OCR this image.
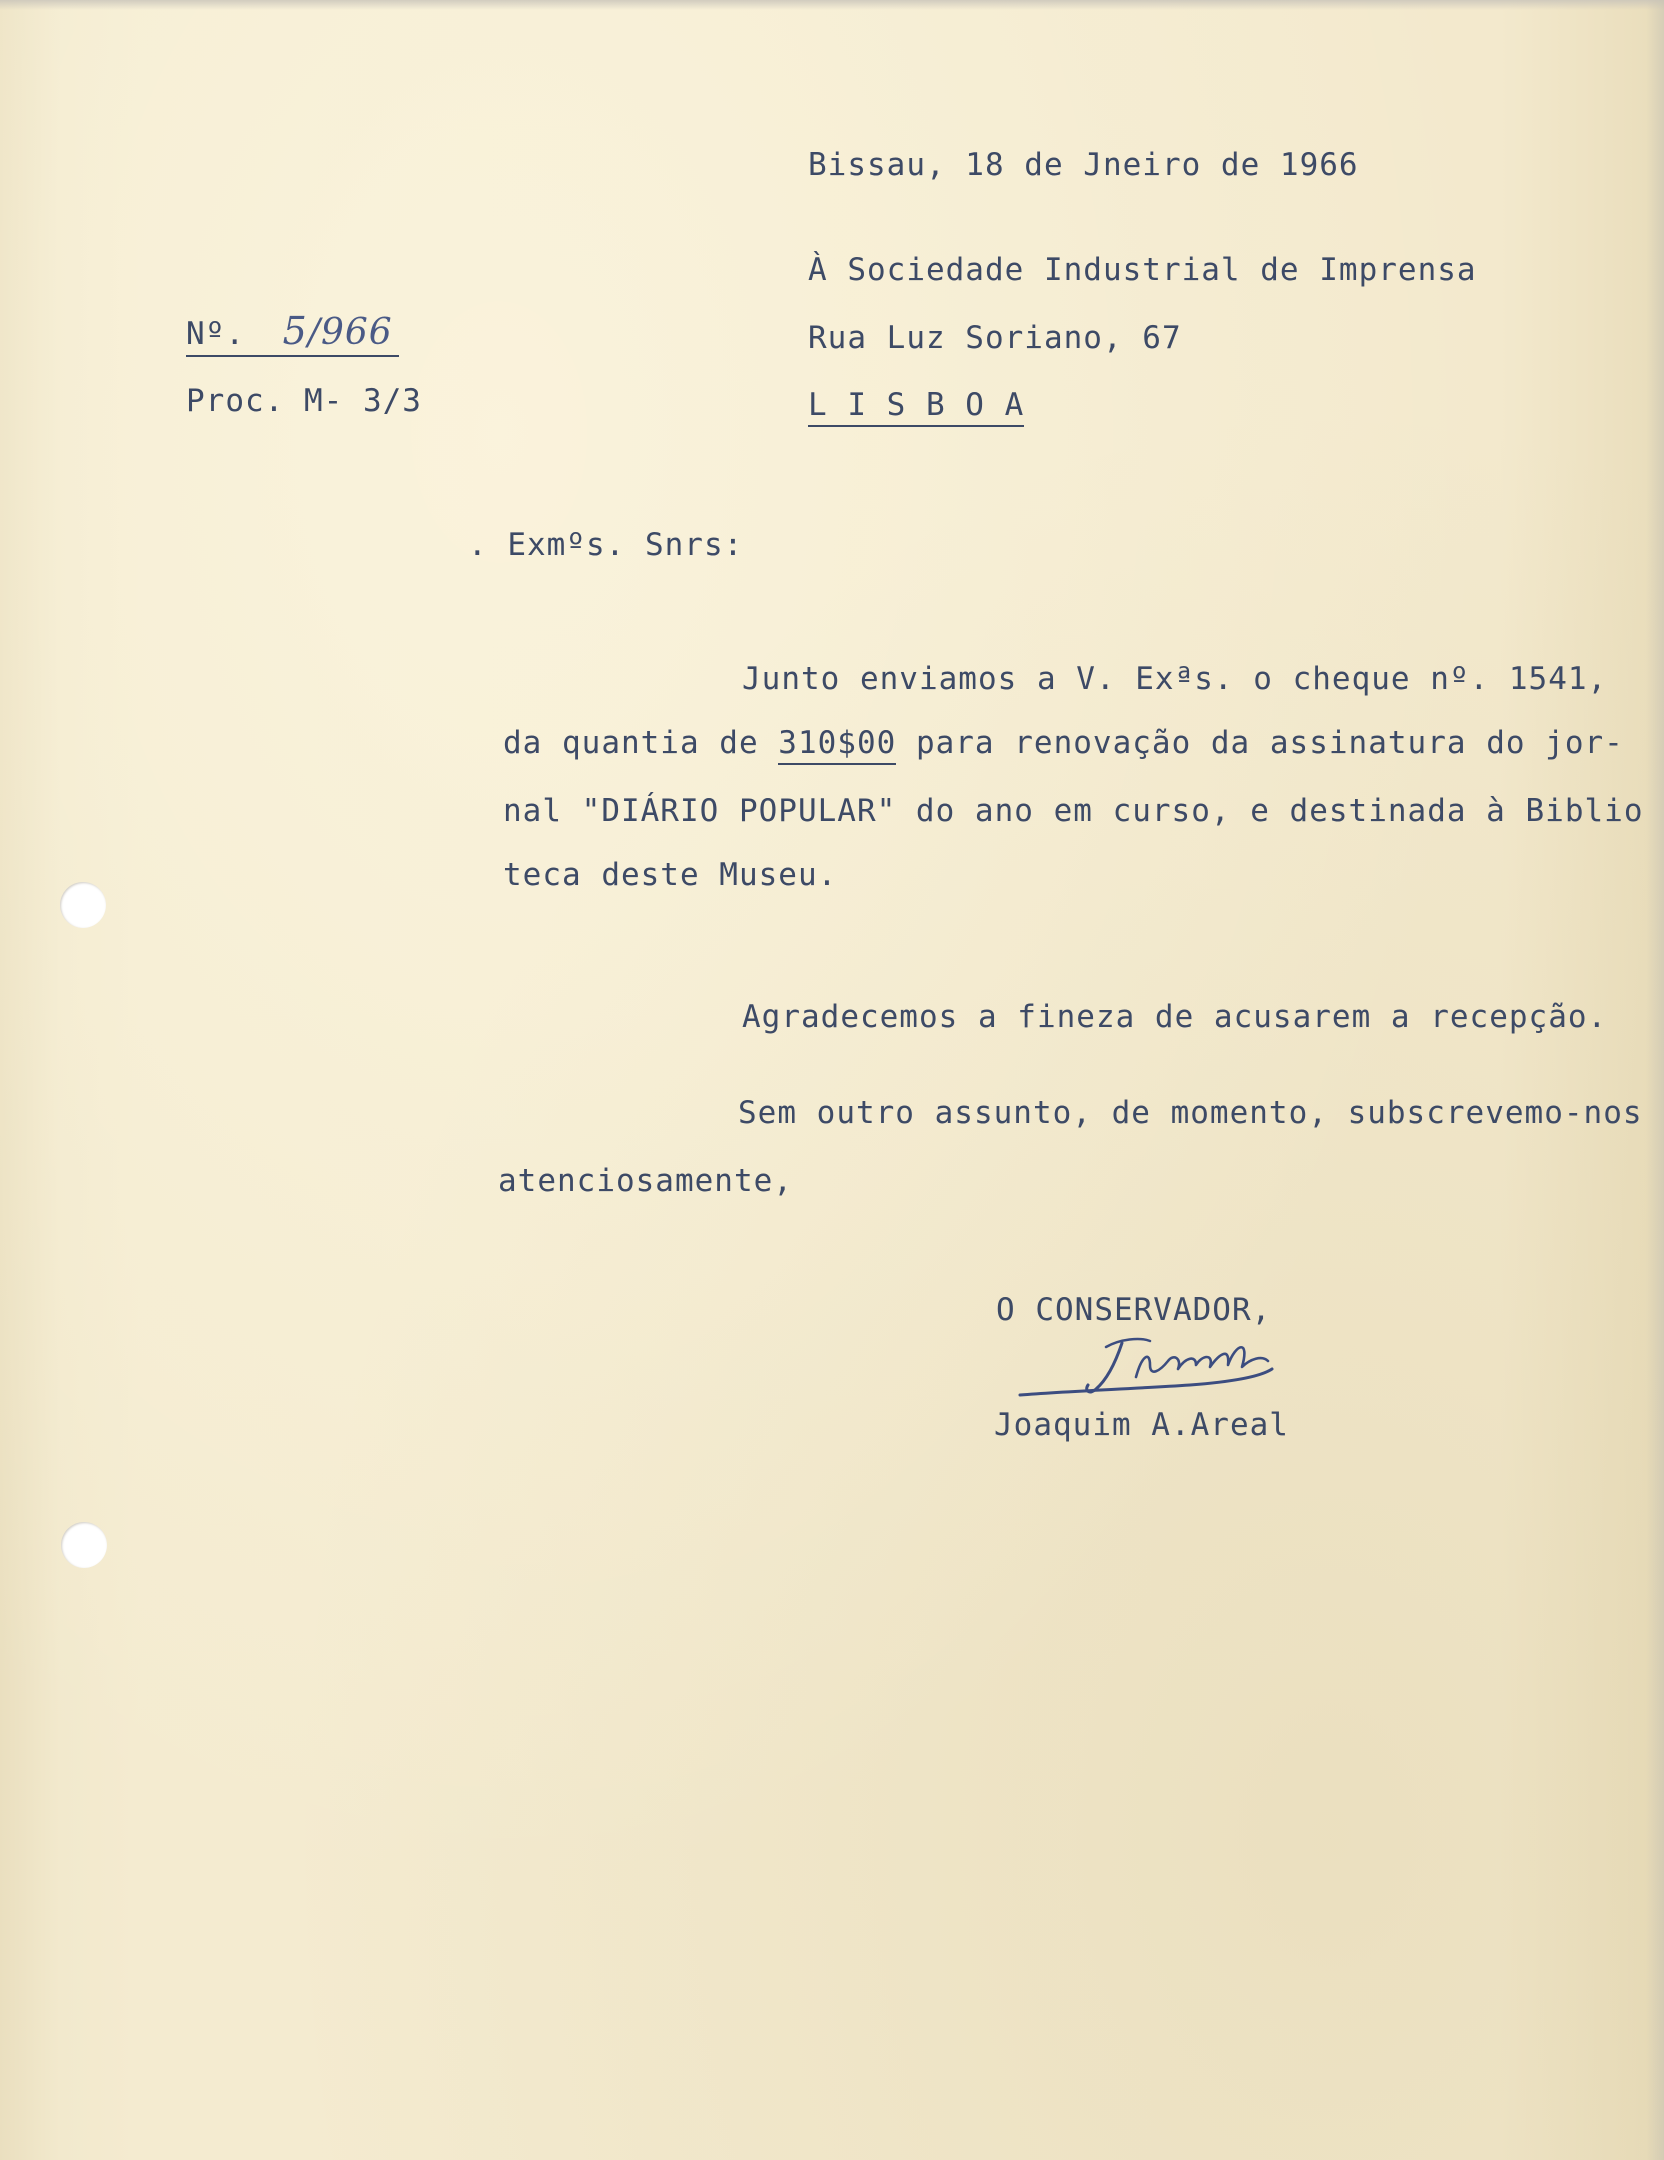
Bissau, 18 de Jneiro de 1966
À Sociedade Industrial de Imprensa
Rua Luz Soriano, 67
L I S B O A
Nº. 5/966
Proc. M- 3/3
. Exmºs. Snrs:
Junto enviamos a V. Exªs. o cheque nº. 1541,
da quantia de 310$00 para renovação da assinatura do jor-
nal "DIÁRIO POPULAR" do ano em curso, e destinada à Biblio
teca deste Museu.
Agradecemos a fineza de acusarem a recepção.
Sem outro assunto, de momento, subscrevemo-nos
atenciosamente,
O CONSERVADOR,
Joaquim A.Areal
